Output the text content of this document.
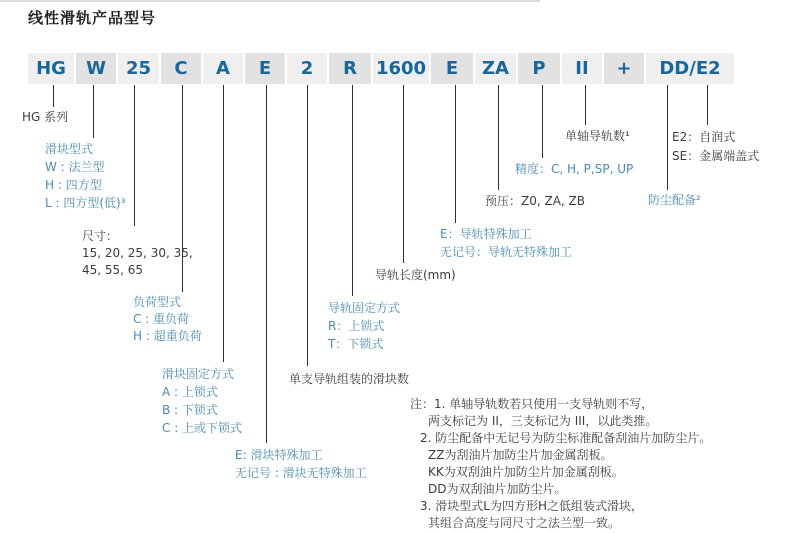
线性滑轨产品型号
HG	W	25	C	A	E	2	R	1600	E	ZA	P	II	+	DD/E2
HG 系列
滑块型式
W : 法兰型
H : 四方型
L : 四方型(低)³
尺寸：
15, 20, 25, 30, 35,
45, 55, 65
负荷型式
C : 重负荷
H : 超重负荷
滑块固定方式
A : 上锁式
B : 下锁式
C : 上或下锁式
E: 滑块特殊加工
无记号 : 滑块无特殊加工
单支导轨组装的滑块数
导轨固定方式
R：上锁式
T：下锁式
导轨长度(mm)
E：导轨特殊加工
无记号：导轨无特殊加工
预压：Z0, ZA, ZB
精度：C, H, P,SP, UP
单轴导轨数¹	E2：自润式
SE：金属端盖式
防尘配备²
注：1. 单轴导轨数若只使用一支导轨则不写，
两支标记为 II，三支标记为 III，以此类推。
2. 防尘配备中无记号为防尘标准配备刮油片加防尘片。
ZZ为刮油片加防尘片加金属刮板。
KK为双刮油片加防尘片加金属刮板。
DD为双刮油片加防尘片。
3. 滑块型式L为四方形H之低组装式滑块，
其组合高度与同尺寸之法兰型一致。
